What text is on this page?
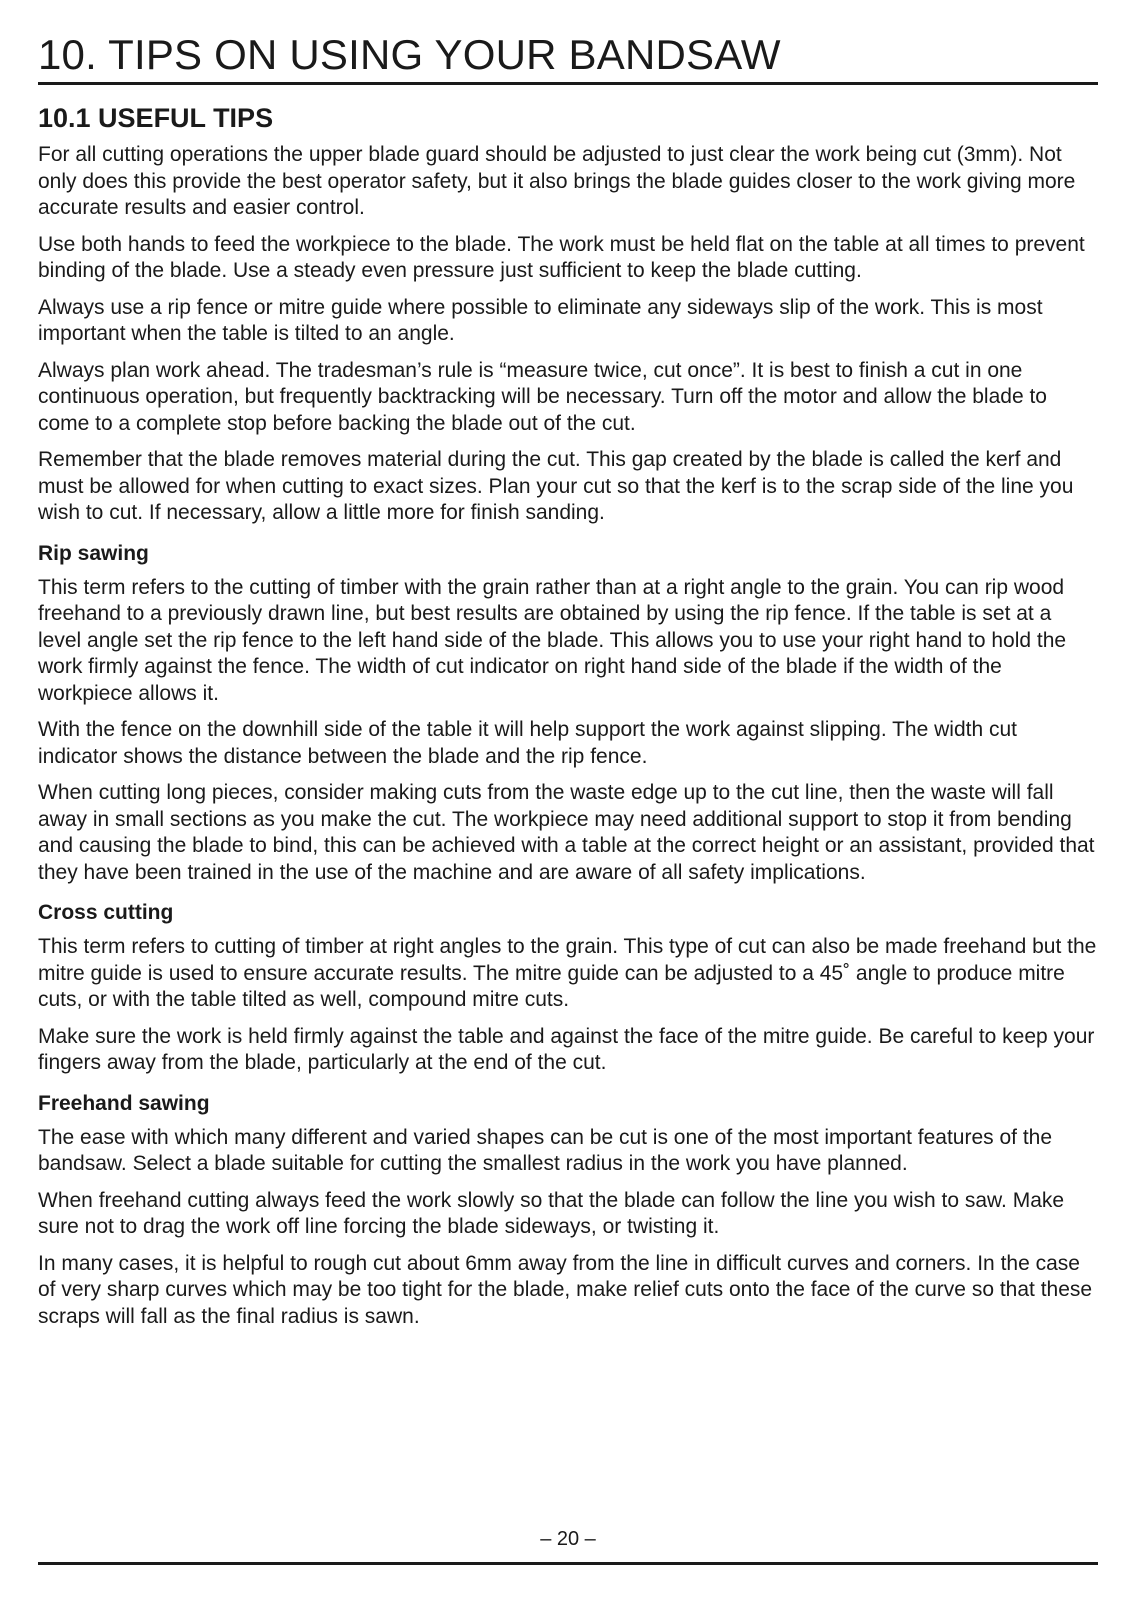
10. TIPS ON USING YOUR BANDSAW
10.1 USEFUL TIPS

For all cutting operations the upper blade guard should be adjusted to just clear the work being cut (3mm). Not only does this provide the best operator safety, but it also brings the blade guides closer to the work giving more accurate results and easier control.

Use both hands to feed the workpiece to the blade. The work must be held flat on the table at all times to prevent binding of the blade. Use a steady even pressure just sufficient to keep the blade cutting.

Always use a rip fence or mitre guide where possible to eliminate any sideways slip of the work. This is most important when the table is tilted to an angle.

Always plan work ahead. The tradesman’s rule is “measure twice, cut once”. It is best to finish a cut in one continuous operation, but frequently backtracking will be necessary. Turn off the motor and allow the blade to come to a complete stop before backing the blade out of the cut.

Remember that the blade removes material during the cut. This gap created by the blade is called the kerf and must be allowed for when cutting to exact sizes. Plan your cut so that the kerf is to the scrap side of the line you wish to cut. If necessary, allow a little more for finish sanding.

Rip sawing

This term refers to the cutting of timber with the grain rather than at a right angle to the grain. You can rip wood freehand to a previously drawn line, but best results are obtained by using the rip fence. If the table is set at a level angle set the rip fence to the left hand side of the blade. This allows you to use your right hand to hold the work firmly against the fence. The width of cut indicator on right hand side of the blade if the width of the workpiece allows it.

With the fence on the downhill side of the table it will help support the work against slipping. The width cut indicator shows the distance between the blade and the rip fence.

When cutting long pieces, consider making cuts from the waste edge up to the cut line, then the waste will fall away in small sections as you make the cut. The workpiece may need additional support to stop it from bending and causing the blade to bind, this can be achieved with a table at the correct height or an assistant, provided that they have been trained in the use of the machine and are aware of all safety implications.

Cross cutting

This term refers to cutting of timber at right angles to the grain. This type of cut can also be made freehand but the mitre guide is used to ensure accurate results. The mitre guide can be adjusted to a 45˚ angle to produce mitre cuts, or with the table tilted as well, compound mitre cuts.

Make sure the work is held firmly against the table and against the face of the mitre guide. Be careful to keep your fingers away from the blade, particularly at the end of the cut.

Freehand sawing

The ease with which many different and varied shapes can be cut is one of the most important features of the bandsaw. Select a blade suitable for cutting the smallest radius in the work you have planned.

When freehand cutting always feed the work slowly so that the blade can follow the line you wish to saw. Make sure not to drag the work off line forcing the blade sideways, or twisting it.

In many cases, it is helpful to rough cut about 6mm away from the line in difficult curves and corners. In the case of very sharp curves which may be too tight for the blade, make relief cuts onto the face of the curve so that these scraps will fall as the final radius is sawn.

– 20 –
